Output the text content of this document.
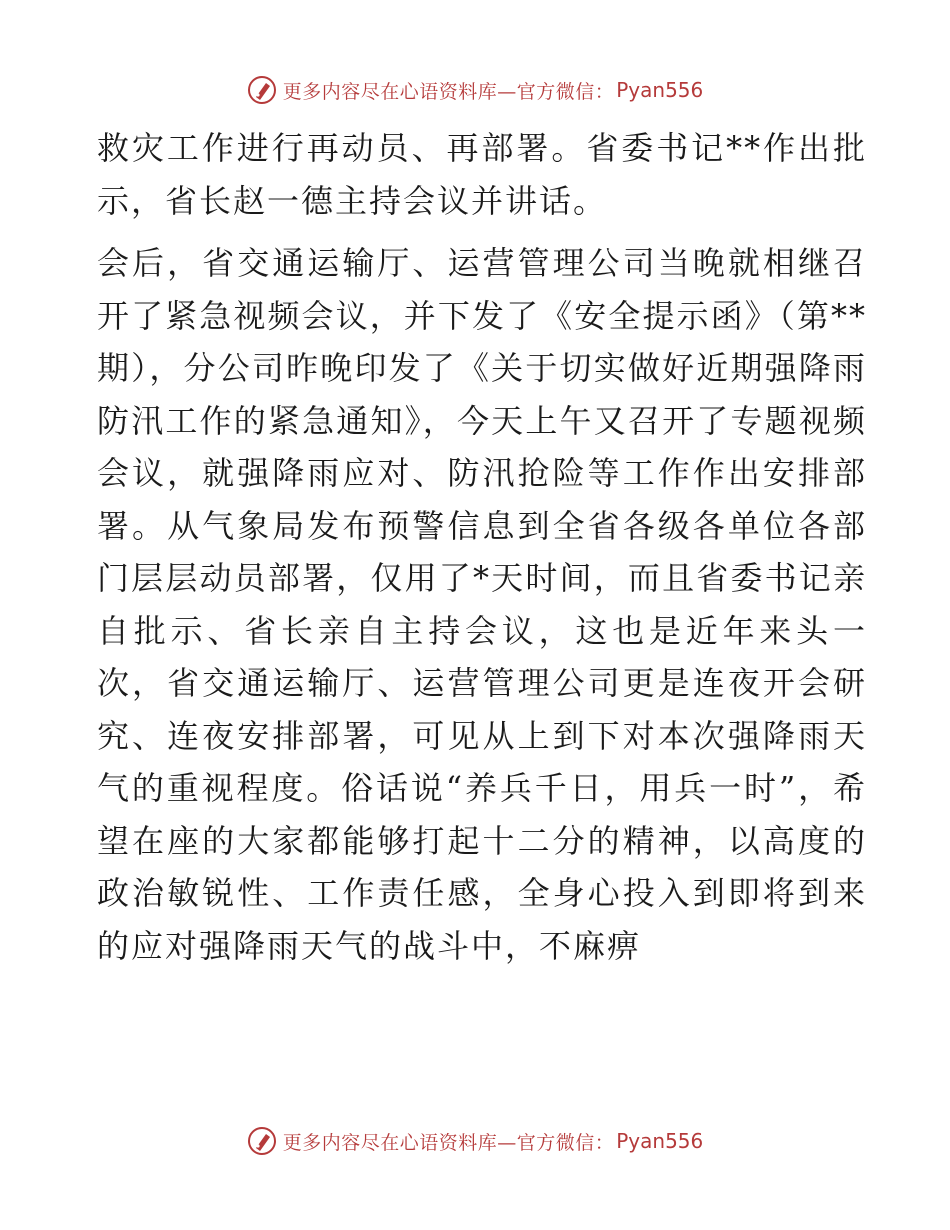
更多内容尽在心语资料库—官方微信： Pyan556

救灾工作进行再动员、再部署。省委书记**作出批示，省长赵一德主持会议并讲话。

会后，省交通运输厅、运营管理公司当晚就相继召开了紧急视频会议，并下发了《安全提示函》（第**期），分公司昨晚印发了《关于切实做好近期强降雨防汛工作的紧急通知》，今天上午又召开了专题视频会议，就强降雨应对、防汛抢险等工作作出安排部署。从气象局发布预警信息到全省各级各单位各部门层层动员部署，仅用了*天时间，而且省委书记亲自批示、省长亲自主持会议，这也是近年来头一次，省交通运输厅、运营管理公司更是连夜开会研究、连夜安排部署，可见从上到下对本次强降雨天气的重视程度。俗话说“养兵千日，用兵一时”，希望在座的大家都能够打起十二分的精神，以高度的政治敏锐性、工作责任感，全身心投入到即将到来的应对强降雨天气的战斗中，不麻痹

更多内容尽在心语资料库—官方微信： Pyan556
